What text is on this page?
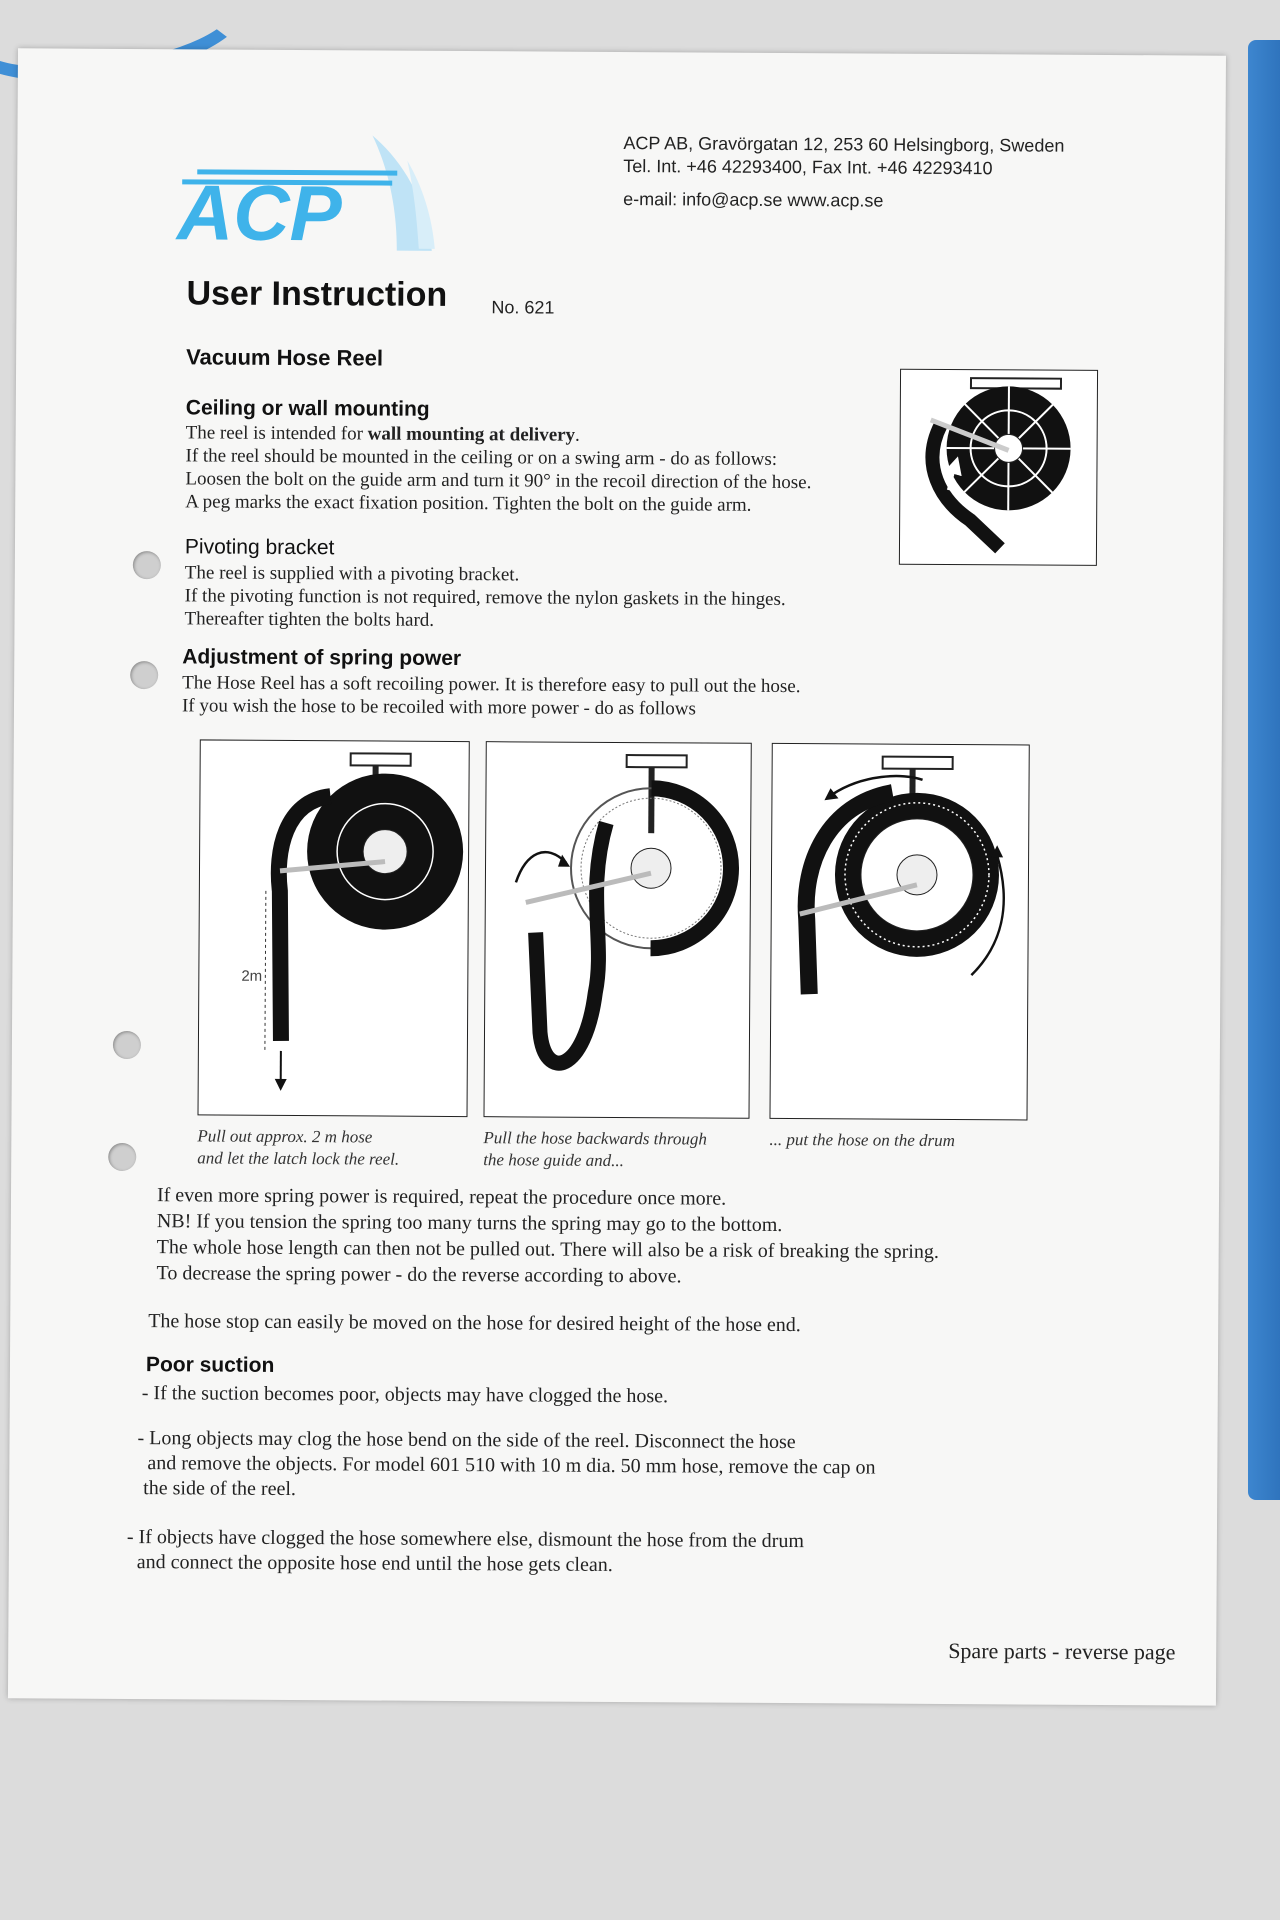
ACP
ACP AB, Gravörgatan 12, 253 60 Helsingborg, Sweden
Tel. Int. +46 42293400, Fax Int. +46 42293410
e-mail: info@acp.se www.acp.se
User Instruction No. 621
Vacuum Hose Reel
Ceiling or wall mounting
The reel is intended for wall mounting at delivery.
If the reel should be mounted in the ceiling or on a swing arm - do as follows:
Loosen the bolt on the guide arm and turn it 90° in the recoil direction of the hose.
A peg marks the exact fixation position. Tighten the bolt on the guide arm.
Pivoting bracket
The reel is supplied with a pivoting bracket.
If the pivoting function is not required, remove the nylon gaskets in the hinges.
Thereafter tighten the bolts hard.
Adjustment of spring power
The Hose Reel has a soft recoiling power. It is therefore easy to pull out the hose.
If you wish the hose to be recoiled with more power - do as follows
2m
Pull out approx. 2 m hose
and let the latch lock the reel.
Pull the hose backwards through
the hose guide and...
... put the hose on the drum
If even more spring power is required, repeat the procedure once more.
NB! If you tension the spring too many turns the spring may go to the bottom.
The whole hose length can then not be pulled out. There will also be a risk of breaking the spring.
To decrease the spring power - do the reverse according to above.
The hose stop can easily be moved on the hose for desired height of the hose end.
Poor suction
- If the suction becomes poor, objects may have clogged the hose.
- Long objects may clog the hose bend on the side of the reel. Disconnect the hose
and remove the objects. For model 601 510 with 10 m dia. 50 mm hose, remove the cap on
the side of the reel.
- If objects have clogged the hose somewhere else, dismount the hose from the drum
and connect the opposite hose end until the hose gets clean.
Spare parts - reverse page
